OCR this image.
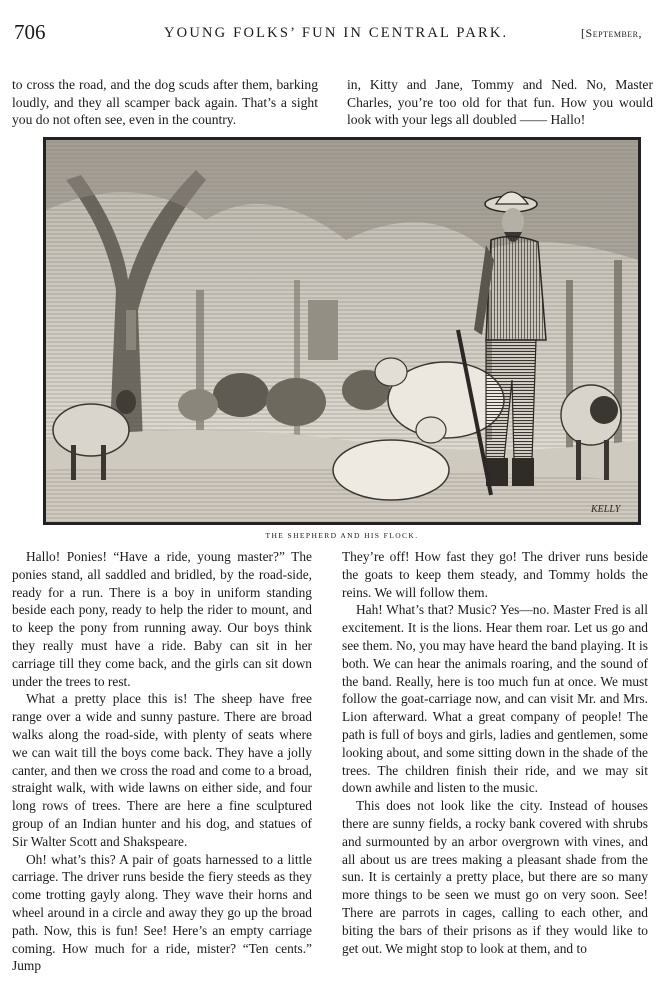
706	YOUNG FOLKS’ FUN IN CENTRAL PARK.	[September,

to cross the road, and the dog scuds after them, barking loudly, and they all scamper back again. That’s a sight you do not often see, even in the country.

in, Kitty and Jane, Tommy and Ned. No, Master Charles, you’re too old for that fun. How you would look with your legs all doubled —— Hallo!

KELLY
THE SHEPHERD AND HIS FLOCK.

Hallo! Ponies! “Have a ride, young master?” The ponies stand, all saddled and bridled, by the road-side, ready for a run. There is a boy in uniform standing beside each pony, ready to help the rider to mount, and to keep the pony from running away. Our boys think they really must have a ride. Baby can sit in her carriage till they come back, and the girls can sit down under the trees to rest.

What a pretty place this is! The sheep have free range over a wide and sunny pasture. There are broad walks along the road-side, with plenty of seats where we can wait till the boys come back. They have a jolly canter, and then we cross the road and come to a broad, straight walk, with wide lawns on either side, and four long rows of trees. There are here a fine sculptured group of an Indian hunter and his dog, and statues of Sir Walter Scott and Shakspeare.

Oh! what’s this? A pair of goats harnessed to a little carriage. The driver runs beside the fiery steeds as they come trotting gayly along. They wave their horns and wheel around in a circle and away they go up the broad path. Now, this is fun! See! Here’s an empty carriage coming. How much for a ride, mister? “Ten cents.” Jump

They’re off! How fast they go! The driver runs beside the goats to keep them steady, and Tommy holds the reins. We will follow them.

Hah! What’s that? Music? Yes—no. Master Fred is all excitement. It is the lions. Hear them roar. Let us go and see them. No, you may have heard the band playing. It is both. We can hear the animals roaring, and the sound of the band. Really, here is too much fun at once. We must follow the goat-carriage now, and can visit Mr. and Mrs. Lion afterward. What a great company of people! The path is full of boys and girls, ladies and gentlemen, some looking about, and some sitting down in the shade of the trees. The children finish their ride, and we may sit down awhile and listen to the music.

This does not look like the city. Instead of houses there are sunny fields, a rocky bank covered with shrubs and surmounted by an arbor overgrown with vines, and all about us are trees making a pleasant shade from the sun. It is certainly a pretty place, but there are so many more things to be seen we must go on very soon. See! There are parrots in cages, calling to each other, and biting the bars of their prisons as if they would like to get out. We might stop to look at them, and to
